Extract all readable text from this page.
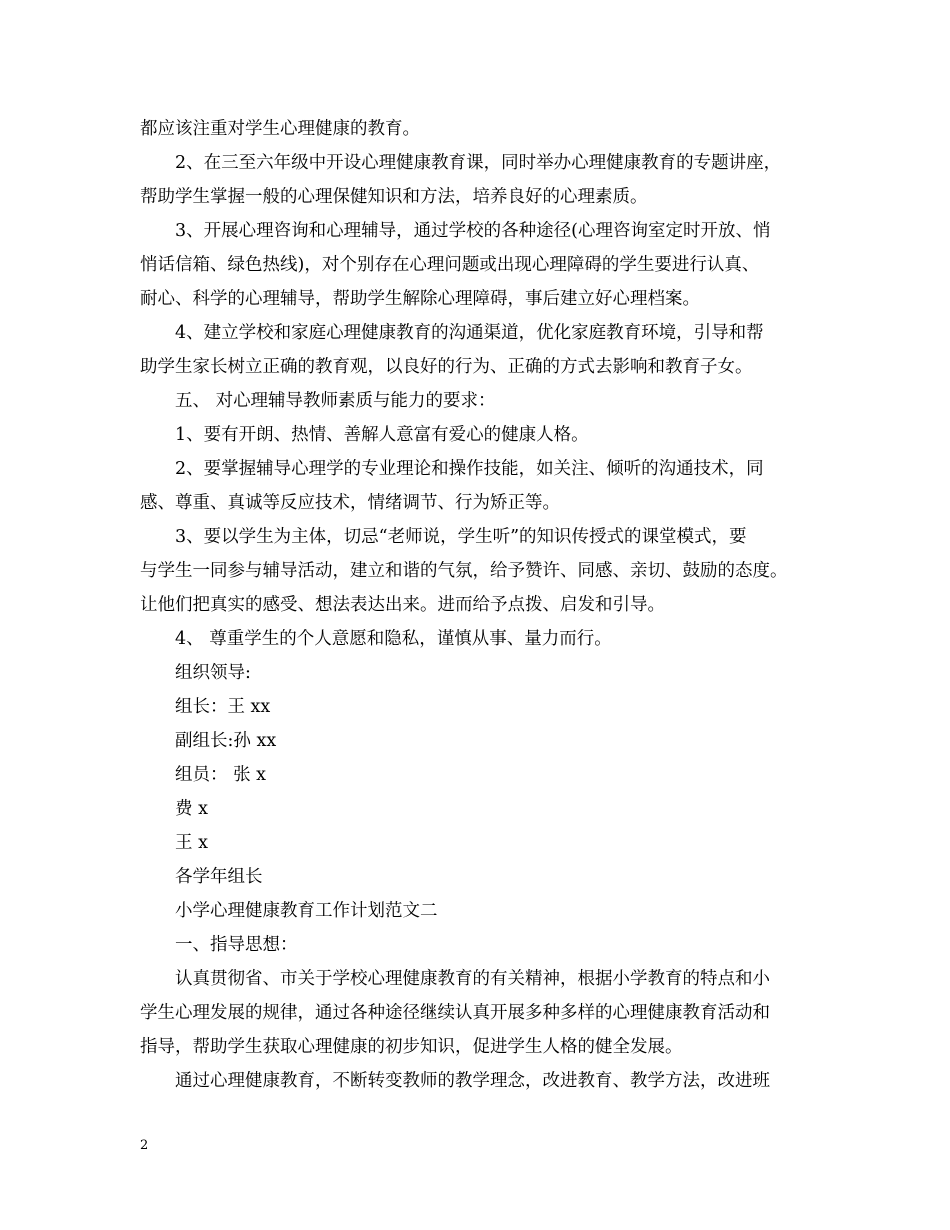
都应该注重对学生心理健康的教育。
2、在三至六年级中开设心理健康教育课，同时举办心理健康教育的专题讲座，
帮助学生掌握一般的心理保健知识和方法，培养良好的心理素质。
3、开展心理咨询和心理辅导，通过学校的各种途径(心理咨询室定时开放、悄
悄话信箱、绿色热线)，对个别存在心理问题或出现心理障碍的学生要进行认真、
耐心、科学的心理辅导，帮助学生解除心理障碍，事后建立好心理档案。
4、建立学校和家庭心理健康教育的沟通渠道，优化家庭教育环境，引导和帮
助学生家长树立正确的教育观，以良好的行为、正确的方式去影响和教育子女。
五、 对心理辅导教师素质与能力的要求：
1、要有开朗、热情、善解人意富有爱心的健康人格。
2、要掌握辅导心理学的专业理论和操作技能，如关注、倾听的沟通技术，同
感、尊重、真诚等反应技术，情绪调节、行为矫正等。
3、要以学生为主体，切忌“老师说，学生听”的知识传授式的课堂模式，要
与学生一同参与辅导活动，建立和谐的气氛，给予赞许、同感、亲切、鼓励的态度。
让他们把真实的感受、想法表达出来。进而给予点拨、启发和引导。
4、 尊重学生的个人意愿和隐私，谨慎从事、量力而行。
组织领导:
组长：王 xx
副组长:孙 xx
组员： 张 x
费 x
王 x
各学年组长
小学心理健康教育工作计划范文二
一、指导思想：
认真贯彻省、市关于学校心理健康教育的有关精神，根据小学教育的特点和小
学生心理发展的规律，通过各种途径继续认真开展多种多样的心理健康教育活动和
指导，帮助学生获取心理健康的初步知识，促进学生人格的健全发展。
通过心理健康教育，不断转变教师的教学理念，改进教育、教学方法，改进班
2
